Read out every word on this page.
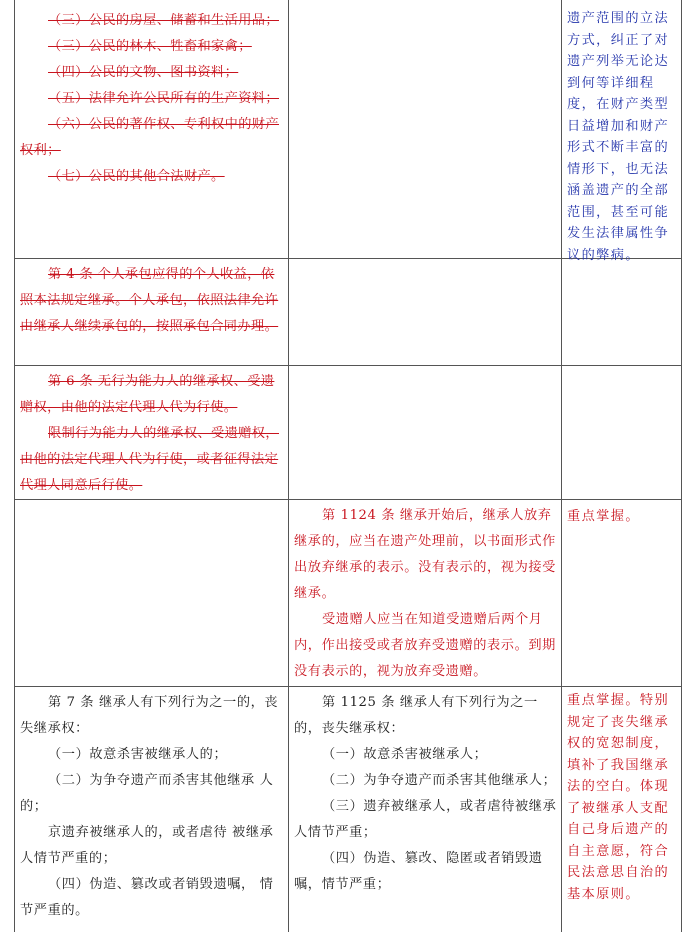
（三）公民的房屋、储蓄和生活用品；

（三）公民的林木、牲畜和家禽；

（四）公民的文物、图书资料；

（五）法律允许公民所有的生产资料；

（六）公民的著作权、专利权中的财产权利；

（七）公民的其他合法财产。

遗产范围的立法方式，纠正了对遗产列举无论达到何等详细程度，在财产类型日益增加和财产形式不断丰富的情形下，也无法涵盖遗产的全部范围，甚至可能发生法律属性争议的弊病。

第 4 条 个人承包应得的个人收益，依照本法规定继承。个人承包，依照法律允许由继承人继续承包的，按照承包合同办理。

第 6 条 无行为能力人的继承权、受遗赠权，由他的法定代理人代为行使。

限制行为能力人的继承权、受遗赠权，由他的法定代理人代为行使，或者征得法定代理人同意后行使。

第 1124 条 继承开始后，继承人放弃继承的，应当在遗产处理前，以书面形式作出放弃继承的表示。没有表示的，视为接受继承。

受遗赠人应当在知道受遗赠后两个月内，作出接受或者放弃受遗赠的表示。到期没有表示的，视为放弃受遗赠。

重点掌握。

第 7 条 继承人有下列行为之一的，丧失继承权：

（一）故意杀害被继承人的；

（二）为争夺遗产而杀害其他继承 人的；

京遗弃被继承人的，或者虐待 被继承人情节严重的；

（四）伪造、篡改或者销毁遗嘱， 情节严重的。

第 1125 条 继承人有下列行为之一的，丧失继承权：

（一）故意杀害被继承人；

（二）为争夺遗产而杀害其他继承人；

（三）遗弃被继承人，或者虐待被继承人情节严重；

（四）伪造、篡改、隐匿或者销毁遗嘱，情节严重；

重点掌握。特别规定了丧失继承权的宽恕制度，填补了我国继承法的空白。体现了被继承人支配自己身后遗产的自主意愿，符合民法意思自治的基本原则。
